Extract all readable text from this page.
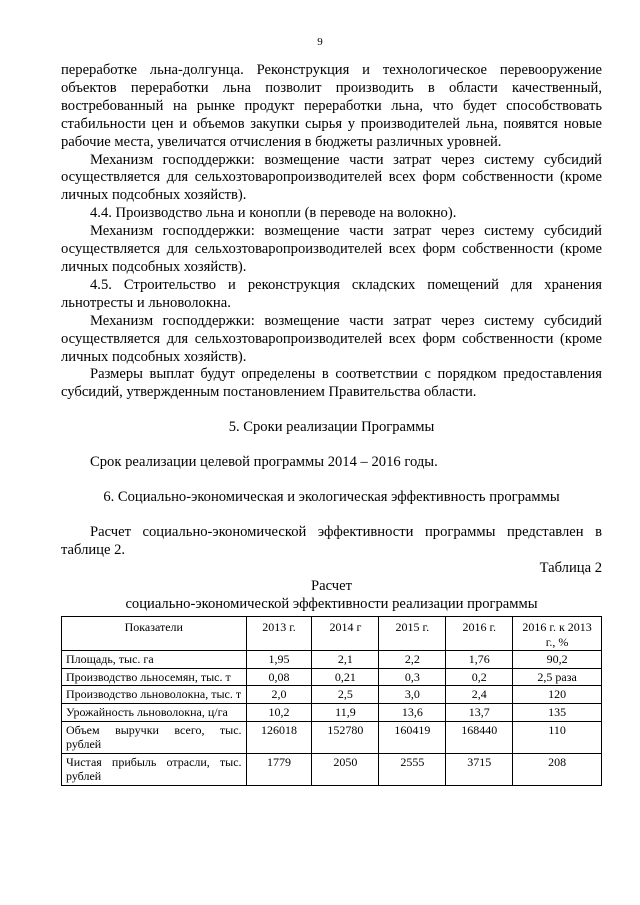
9

переработке льна-долгунца. Реконструкция и технологическое перевооружение объектов переработки льна позволит производить в области качественный, востребованный на рынке продукт переработки льна, что будет способствовать стабильности цен и объемов закупки сырья у производителей льна, появятся новые рабочие места, увеличатся отчисления в бюджеты различных уровней.

Механизм господдержки: возмещение части затрат через систему субсидий осуществляется для сельхозтоваропроизводителей всех форм собственности (кроме личных подсобных хозяйств).

4.4. Производство льна и конопли (в переводе на волокно).

Механизм господдержки: возмещение части затрат через систему субсидий осуществляется для сельхозтоваропроизводителей всех форм собственности (кроме личных подсобных хозяйств).

4.5. Строительство и реконструкция складских помещений для хранения льнотресты и льноволокна.

Механизм господдержки: возмещение части затрат через систему субсидий осуществляется для сельхозтоваропроизводителей всех форм собственности (кроме личных подсобных хозяйств).

Размеры выплат будут определены в соответствии с порядком предоставления субсидий, утвержденным постановлением Правительства области.

5. Сроки реализации Программы

Срок реализации целевой программы 2014 – 2016 годы.

6. Социально-экономическая и экологическая эффективность программы

Расчет социально-экономической эффективности программы представлен в таблице 2.

Таблица 2

Расчет

социально-экономической эффективности реализации программы

Показатели	2013 г.	2014 г	2015 г.	2016 г.	2016 г. к 2013 г., %
Площадь, тыс. га	1,95	2,1	2,2	1,76	90,2
Производство льносемян, тыс. т	0,08	0,21	0,3	0,2	2,5 раза
Производство льноволокна, тыс. т	2,0	2,5	3,0	2,4	120
Урожайность льноволокна, ц/га	10,2	11,9	13,6	13,7	135
Объем выручки всего, тыс. рублей	126018	152780	160419	168440	110
Чистая прибыль отрасли, тыс. рублей	1779	2050	2555	3715	208
